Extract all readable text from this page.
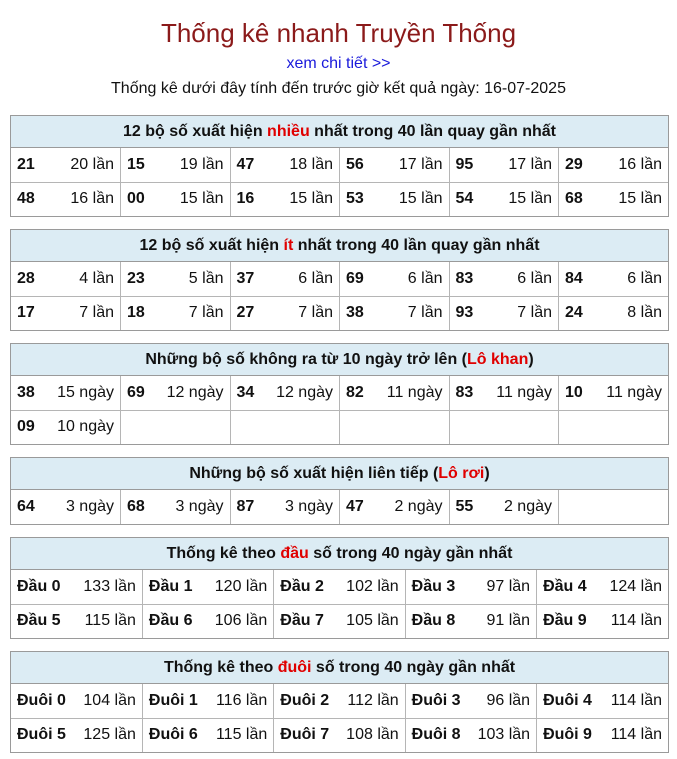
Thống kê nhanh Truyền Thống
xem chi tiết >>
Thống kê dưới đây tính đến trước giờ kết quả ngày: 16-07-2025
12 bộ số xuất hiện nhiều nhất trong 40 lần quay gần nhất
21 20 lần	15 19 lần	47 18 lần	56 17 lần	95 17 lần	29 16 lần

48 16 lần	00 15 lần	16 15 lần	53 15 lần	54 15 lần	68 15 lần
12 bộ số xuất hiện ít nhất trong 40 lần quay gần nhất
28 4 lần	23 5 lần	37 6 lần	69 6 lần	83 6 lần	84 6 lần

17 7 lần	18 7 lần	27 7 lần	38 7 lần	93 7 lần	24 8 lần
Những bộ số không ra từ 10 ngày trở lên (Lô khan)
38 15 ngày	69 12 ngày	34 12 ngày	82 11 ngày	83 11 ngày	10 11 ngày

09 10 ngày					

Những bộ số xuất hiện liên tiếp (Lô rơi)
64 3 ngày	68 3 ngày	87 3 ngày	47 2 ngày	55 2 ngày

Thống kê theo đầu số trong 40 ngày gần nhất
Đầu 0 133 lần	Đầu 1 120 lần	Đầu 2 102 lần	Đầu 3 97 lần	Đầu 4 124 lần

Đầu 5 115 lần	Đầu 6 106 lần	Đầu 7 105 lần	Đầu 8 91 lần	Đầu 9 114 lần
Thống kê theo đuôi số trong 40 ngày gần nhất
Đuôi 0 104 lần	Đuôi 1 116 lần	Đuôi 2 112 lần	Đuôi 3 96 lần	Đuôi 4 114 lần

Đuôi 5 125 lần	Đuôi 6 115 lần	Đuôi 7 108 lần	Đuôi 8 103 lần	Đuôi 9 114 lần
